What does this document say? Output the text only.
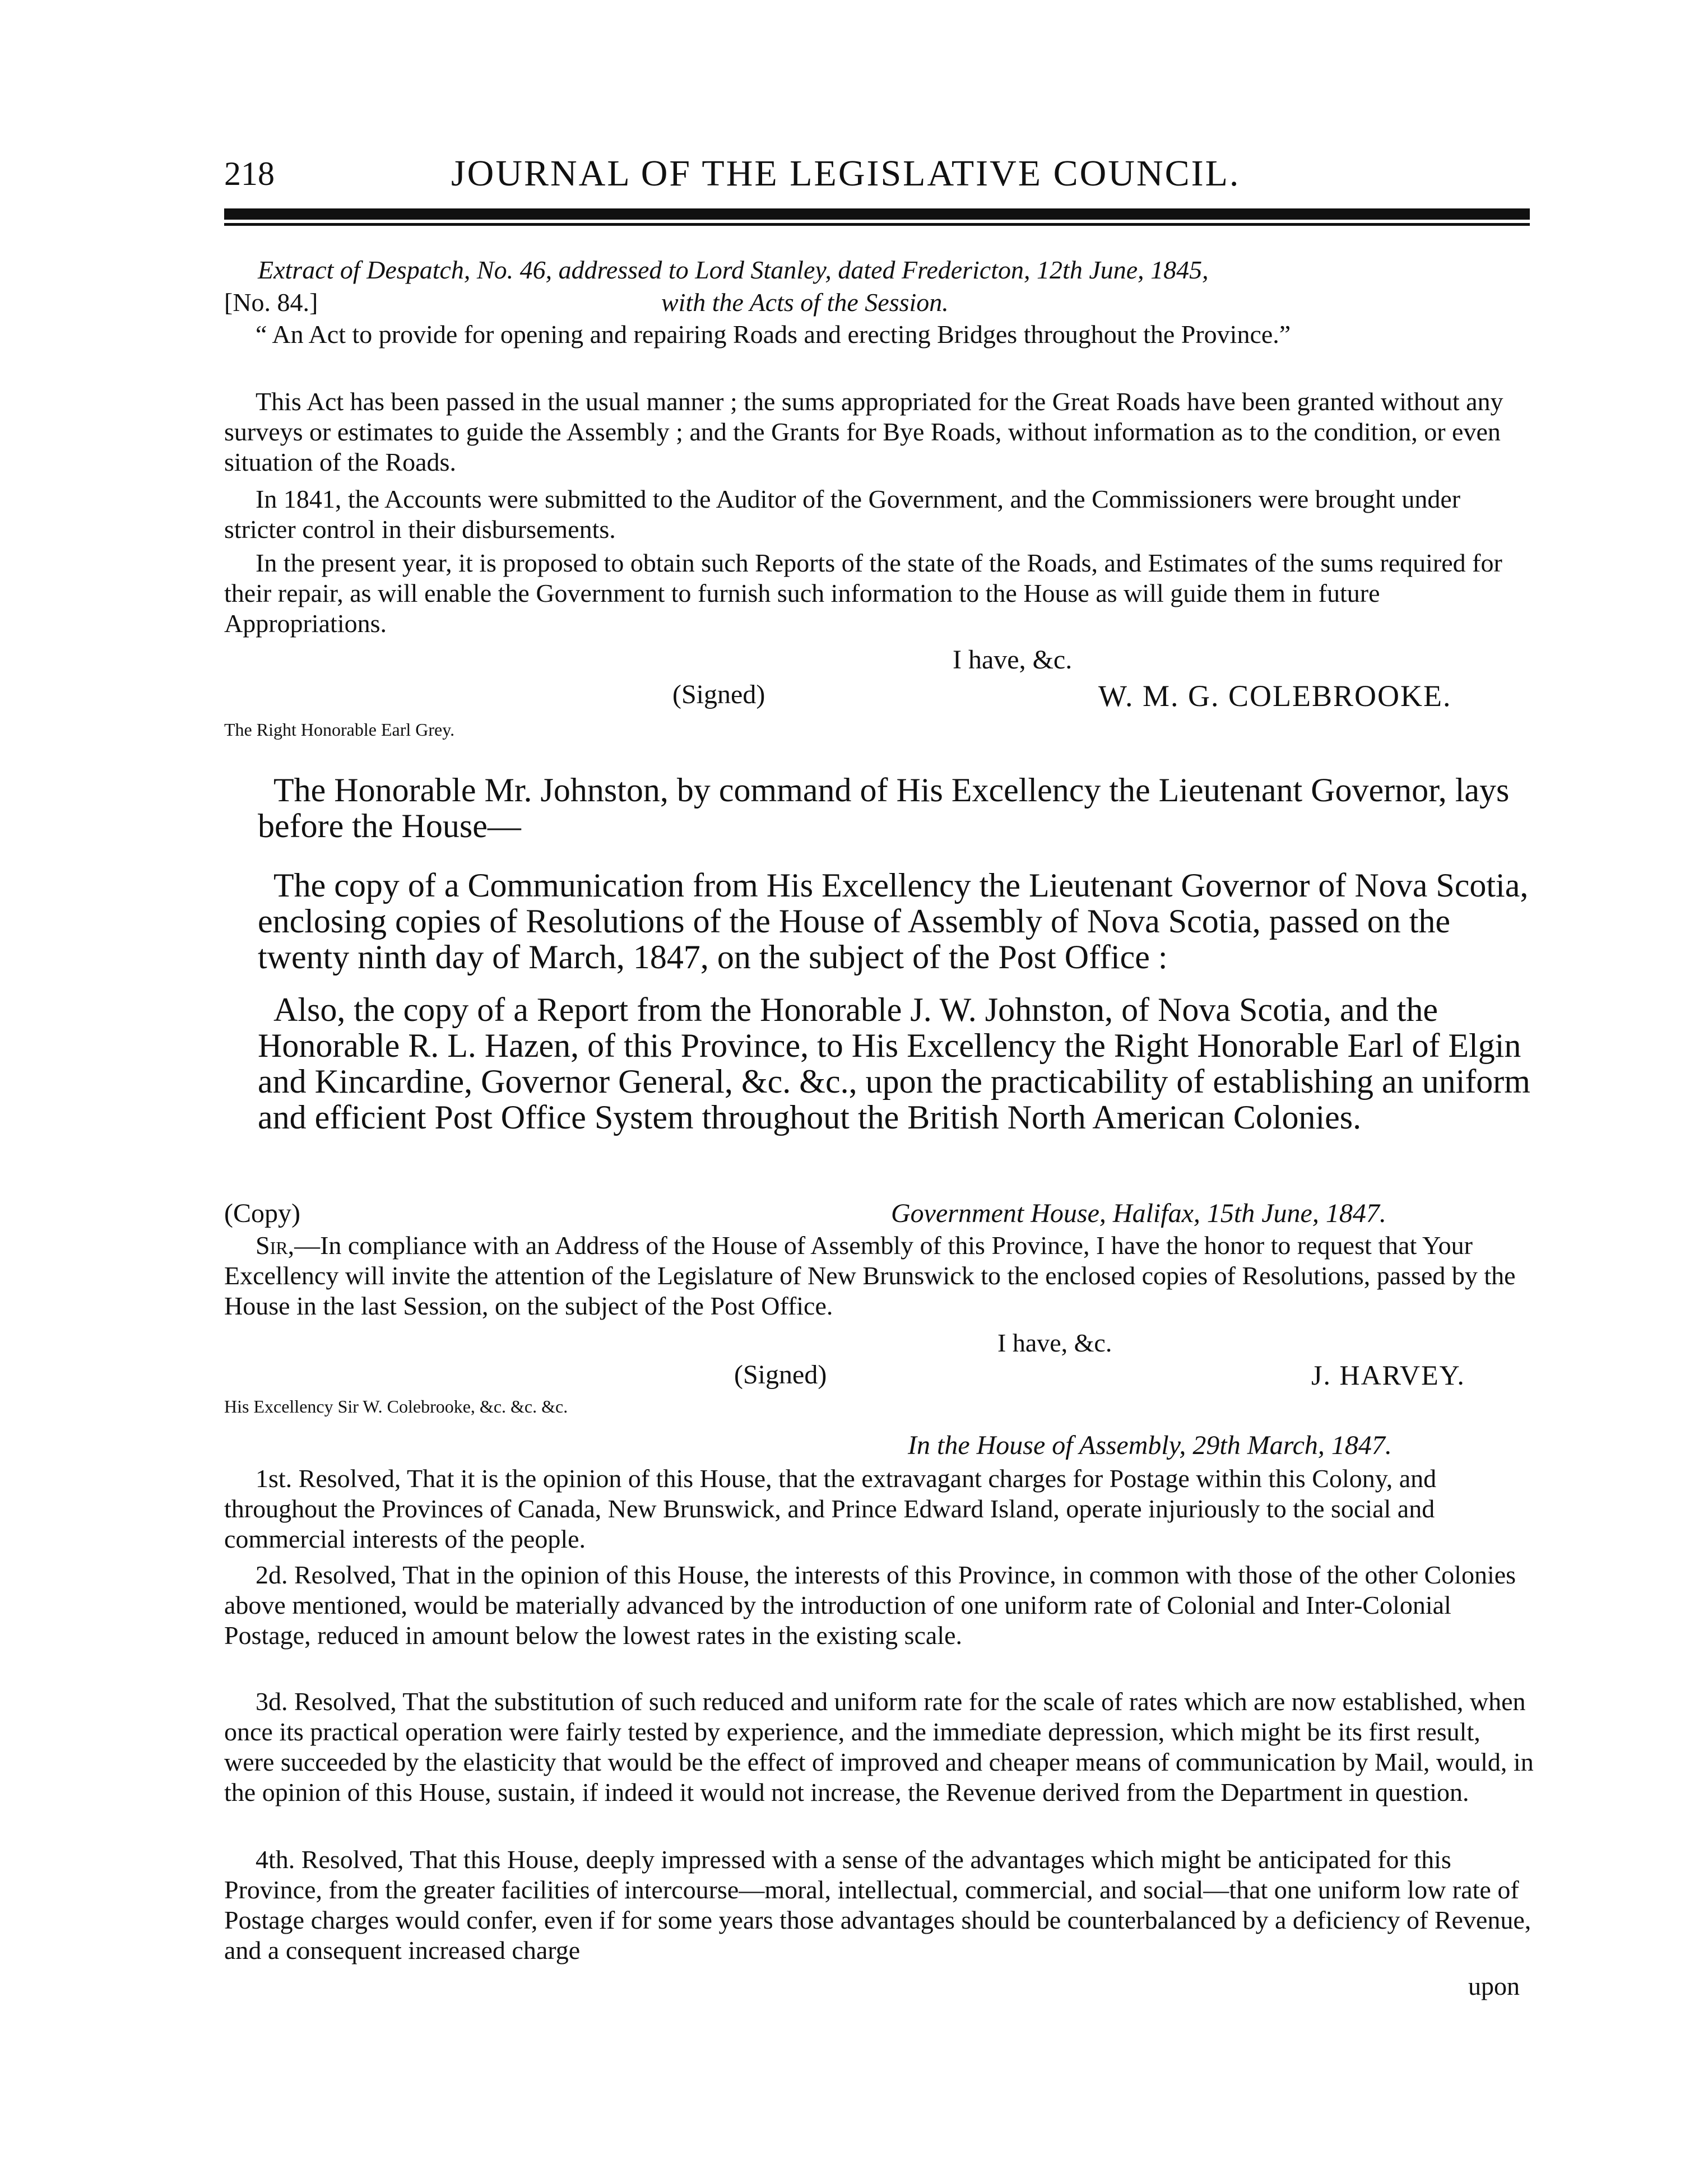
218	JOURNAL OF THE LEGISLATIVE COUNCIL.

Extract of Despatch, No. 46, addressed to Lord Stanley, dated Fredericton, 12th June, 1845,

[No. 84.]	with the Acts of the Session.

“ An Act to provide for opening and repairing Roads and erecting Bridges throughout the Province.”

This Act has been passed in the usual manner ; the sums appropriated for the Great Roads have been granted without any surveys or estimates to guide the Assembly ; and the Grants for Bye Roads, without information as to the condition, or even situation of the Roads.

In 1841, the Accounts were submitted to the Auditor of the Government, and the Commissioners were brought under stricter control in their disbursements.

In the present year, it is proposed to obtain such Reports of the state of the Roads, and Estimates of the sums required for their repair, as will enable the Government to furnish such information to the House as will guide them in future Appropriations.

I have, &c.
(Signed)	W. M. G. COLEBROOKE.
The Right Honorable Earl Grey.

The Honorable Mr. Johnston, by command of His Excellency the Lieutenant Governor, lays before the House—

The copy of a Communication from His Excellency the Lieutenant Governor of Nova Scotia, enclosing copies of Resolutions of the House of Assembly of Nova Scotia, passed on the twenty ninth day of March, 1847, on the subject of the Post Office :

Also, the copy of a Report from the Honorable J. W. Johnston, of Nova Scotia, and the Honorable R. L. Hazen, of this Province, to His Excellency the Right Honorable Earl of Elgin and Kincardine, Governor General, &c. &c., upon the practicability of establishing an uniform and efficient Post Office System throughout the British North American Colonies.

(Copy)	Government House, Halifax, 15th June, 1847.

Sir,—In compliance with an Address of the House of Assembly of this Province, I have the honor to request that Your Excellency will invite the attention of the Legislature of New Brunswick to the enclosed copies of Resolutions, passed by the House in the last Session, on the subject of the Post Office.

I have, &c.
(Signed)	J. HARVEY.
His Excellency Sir W. Colebrooke, &c. &c. &c.
In the House of Assembly, 29th March, 1847.

1st. Resolved, That it is the opinion of this House, that the extravagant charges for Postage within this Colony, and throughout the Provinces of Canada, New Brunswick, and Prince Edward Island, operate injuriously to the social and commercial interests of the people.

2d. Resolved, That in the opinion of this House, the interests of this Province, in common with those of the other Colonies above mentioned, would be materially advanced by the introduction of one uniform rate of Colonial and Inter-Colonial Postage, reduced in amount below the lowest rates in the existing scale.

3d. Resolved, That the substitution of such reduced and uniform rate for the scale of rates which are now established, when once its practical operation were fairly tested by experience, and the immediate depression, which might be its first result, were succeeded by the elasticity that would be the effect of improved and cheaper means of communication by Mail, would, in the opinion of this House, sustain, if indeed it would not increase, the Revenue derived from the Department in question.

4th. Resolved, That this House, deeply impressed with a sense of the advantages which might be anticipated for this Province, from the greater facilities of intercourse—moral, intellectual, commercial, and social—that one uniform low rate of Postage charges would confer, even if for some years those advantages should be counterbalanced by a deficiency of Revenue, and a consequent increased charge

upon
